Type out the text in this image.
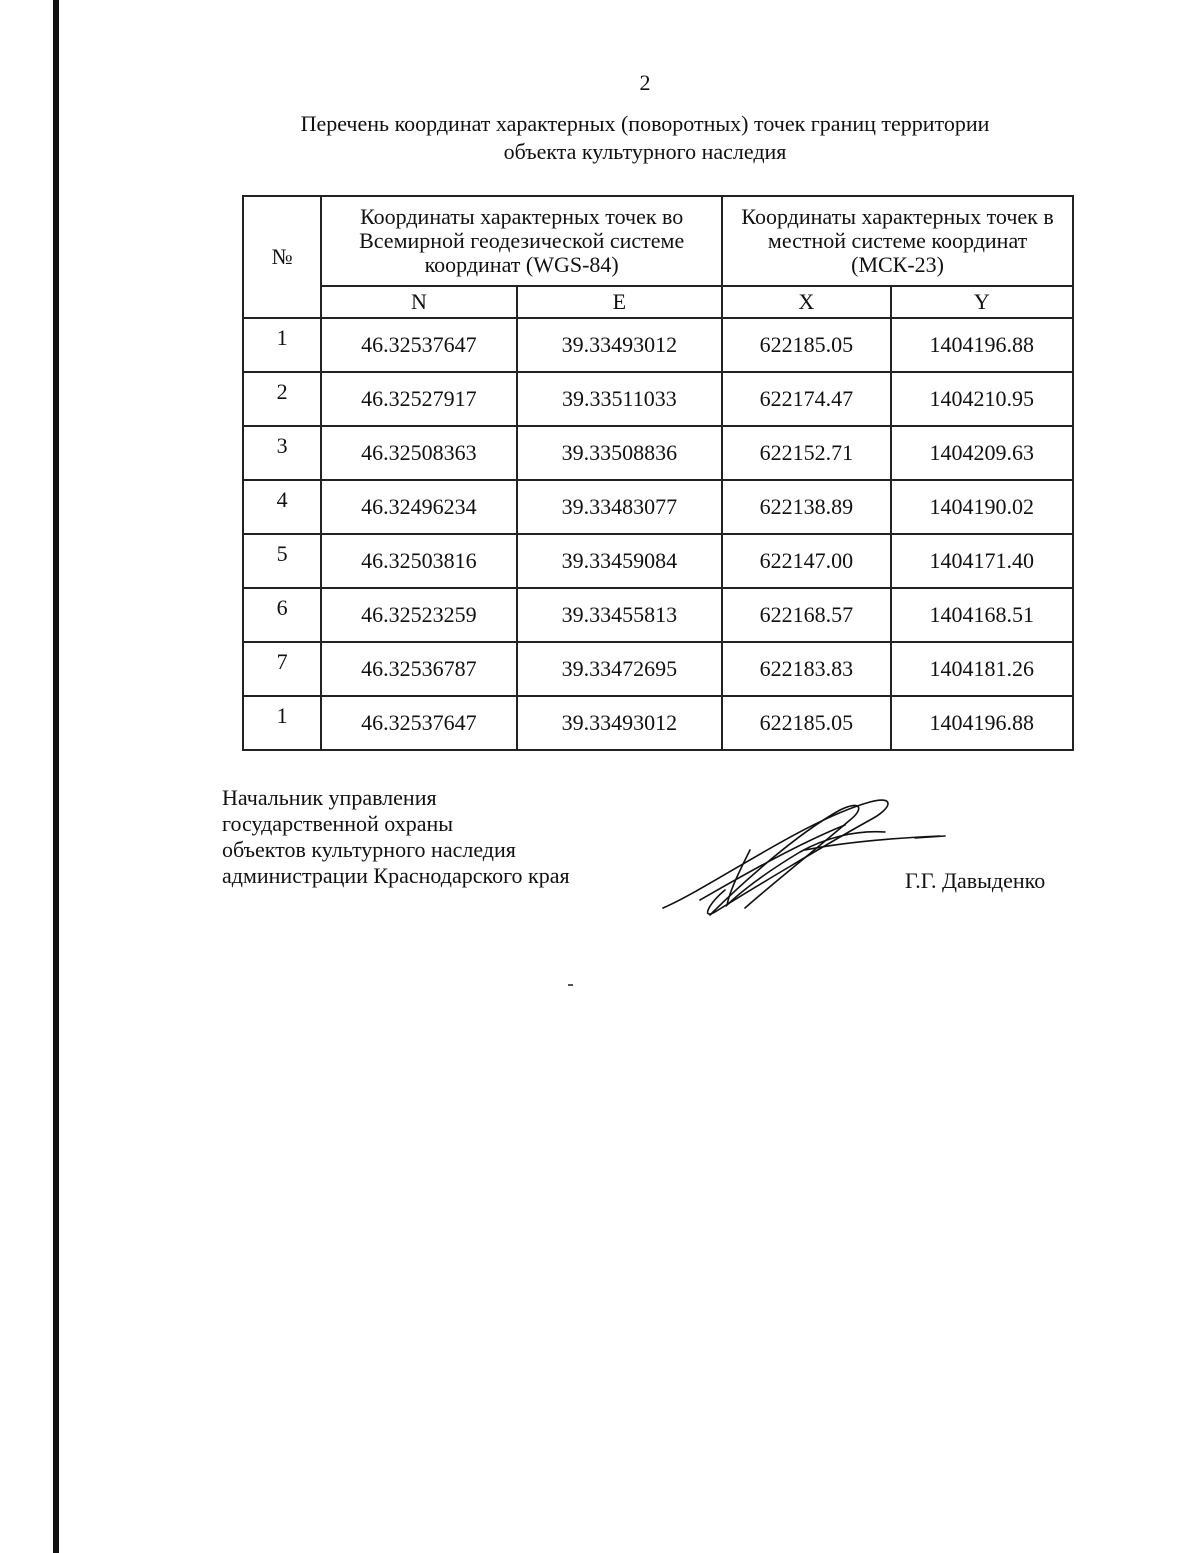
2
Перечень координат характерных (поворотных) точек границ территории
объекта культурного наследия
№	Координаты характерных точек во Всемирной геодезической системе координат (WGS-84)		Координаты характерных точек в местной системе координат (МСК-23)	
	N	E	X	Y
1	46.32537647	39.33493012	622185.05	1404196.88
2	46.32527917	39.33511033	622174.47	1404210.95
3	46.32508363	39.33508836	622152.71	1404209.63
4	46.32496234	39.33483077	622138.89	1404190.02
5	46.32503816	39.33459084	622147.00	1404171.40
6	46.32523259	39.33455813	622168.57	1404168.51
7	46.32536787	39.33472695	622183.83	1404181.26
1	46.32537647	39.33493012	622185.05	1404196.88
Начальник управления
государственной охраны
объектов культурного наследия
администрации Краснодарского края	Г.Г. Давыденко
